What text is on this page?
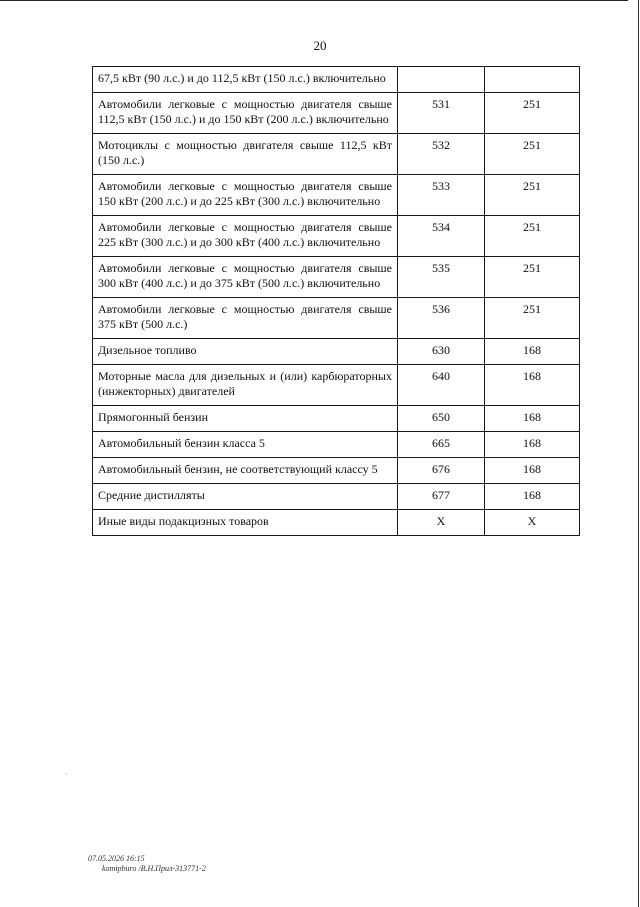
20
67,5 кВт (90 л.с.) и до 112,5 кВт (150 л.с.) включительно		
Автомобили легковые с мощностью двигателя свыше 112,5 кВт (150 л.с.) и до 150 кВт (200 л.с.) включительно	531	251
Мотоциклы с мощностью двигателя свыше 112,5 кВт (150 л.с.)	532	251
Автомобили легковые с мощностью двигателя свыше 150 кВт (200 л.с.) и до 225 кВт (300 л.с.) включительно	533	251
Автомобили легковые с мощностью двигателя свыше 225 кВт (300 л.с.) и до 300 кВт (400 л.с.) включительно	534	251
Автомобили легковые с мощностью двигателя свыше 300 кВт (400 л.с.) и до 375 кВт (500 л.с.) включительно	535	251
Автомобили легковые с мощностью двигателя свыше 375 кВт (500 л.с.)	536	251
Дизельное топливо	630	168
Моторные масла для дизельных и (или) карбюраторных (инжекторных) двигателей	640	168
Прямогонный бензин	650	168
Автомобильный бензин класса 5	665	168
Автомобильный бензин, не соответствующий классу 5	676	168
Средние дистилляты	677	168
Иные виды подакцизных товаров	X	X
·
07.05.2026 16:15
komipburo /В.Н.Прил-313771-2
